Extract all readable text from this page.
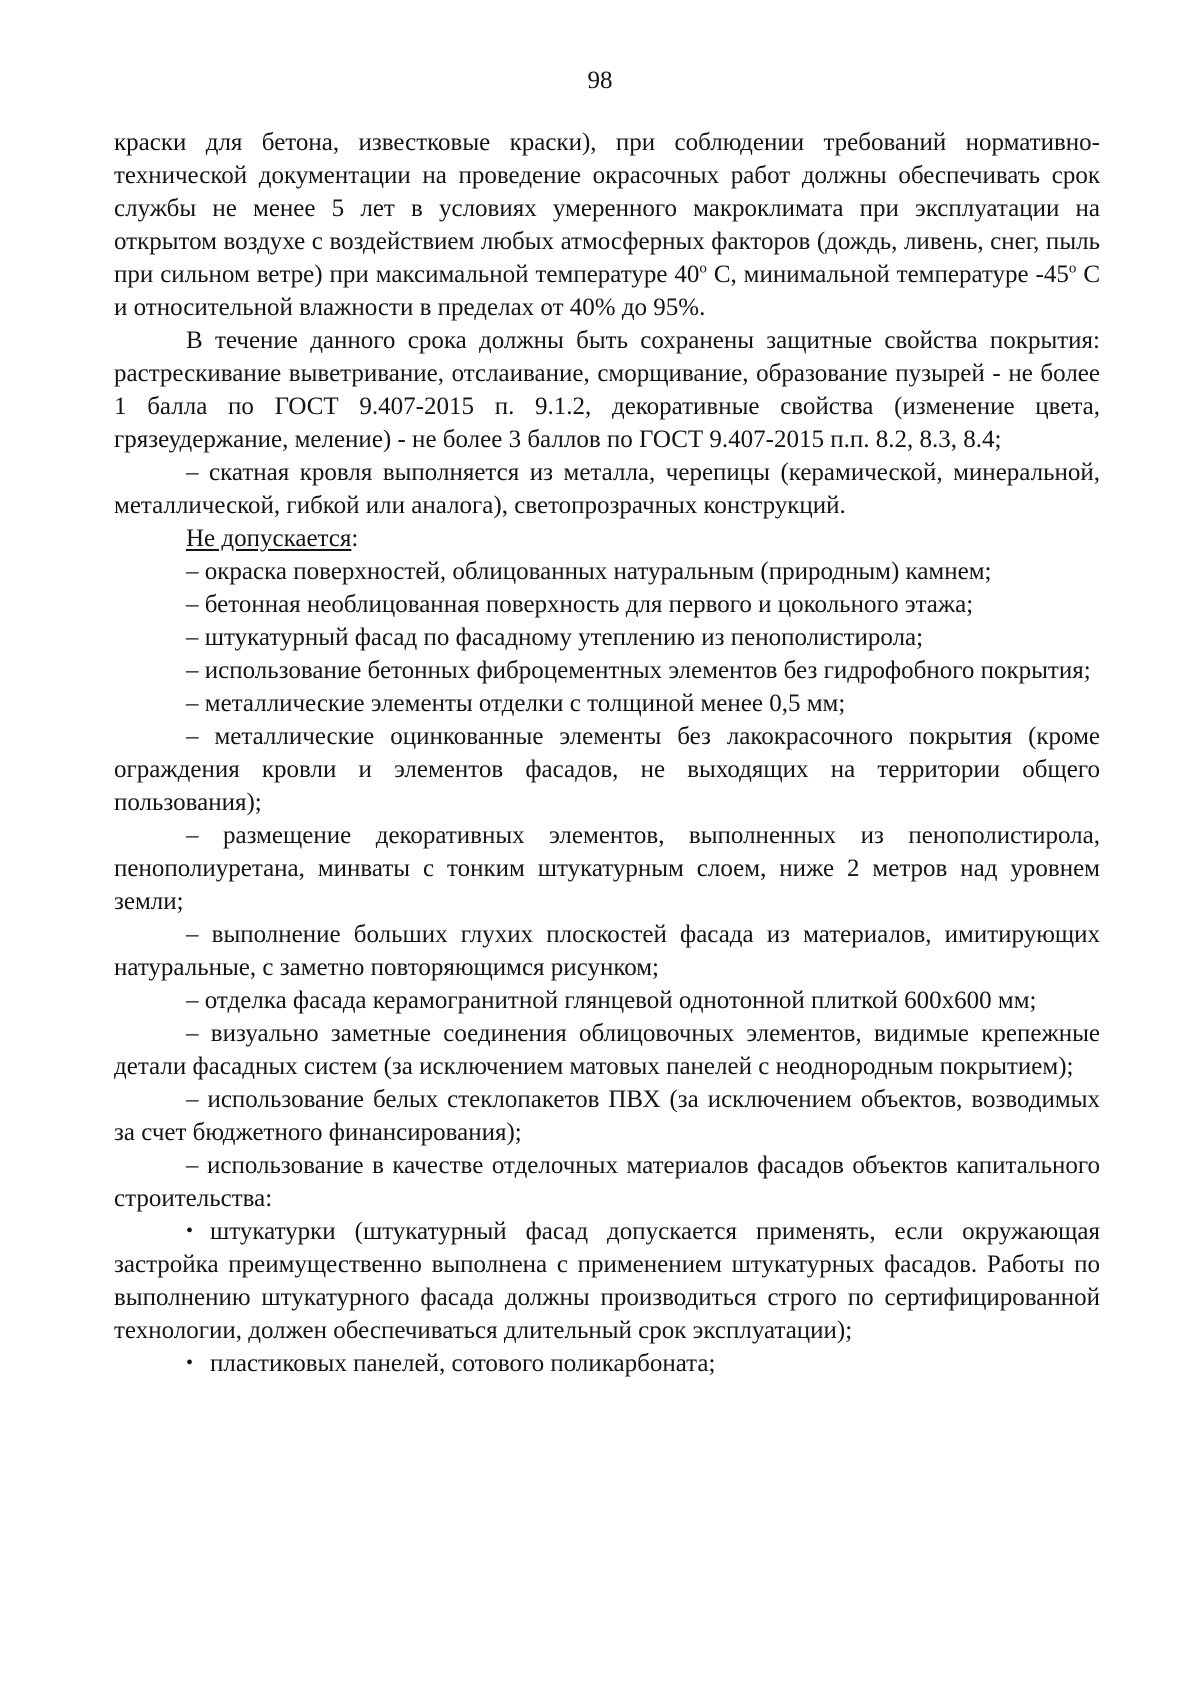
98

краски для бетона, известковые краски), при соблюдении требований нормативно-технической документации на проведение окрасочных работ должны обеспечивать срок службы не менее 5 лет в условиях умеренного макроклимата при эксплуатации на открытом воздухе с воздействием любых атмосферных факторов (дождь, ливень, снег, пыль при сильном ветре) при максимальной температуре $40^о$ С, минимальной температуре $-45^о$ С и относительной влажности в пределах от 40% до 95%.

В течение данного срока должны быть сохранены защитные свойства покрытия: растрескивание выветривание, отслаивание, сморщивание, образование пузырей - не более 1 балла по ГОСТ 9.407-2015 п. 9.1.2, декоративные свойства (изменение цвета, грязеудержание, меление) - не более 3 баллов по ГОСТ 9.407-2015 п.п. 8.2, 8.3, 8.4;

– скатная кровля выполняется из металла, черепицы (керамической, минеральной, металлической, гибкой или аналога), светопрозрачных конструкций.

Не допускается:

– окраска поверхностей, облицованных натуральным (природным) камнем;

– бетонная необлицованная поверхность для первого и цокольного этажа;

– штукатурный фасад по фасадному утеплению из пенополистирола;

– использование бетонных фиброцементных элементов без гидрофобного покрытия;

– металлические элементы отделки с толщиной менее 0,5 мм;

– металлические оцинкованные элементы без лакокрасочного покрытия (кроме ограждения кровли и элементов фасадов, не выходящих на территории общего пользования);

– размещение декоративных элементов, выполненных из пенополистирола, пенополиуретана, минваты с тонким штукатурным слоем, ниже 2 метров над уровнем земли;

– выполнение больших глухих плоскостей фасада из материалов, имитирующих натуральные, с заметно повторяющимся рисунком;

– отделка фасада керамогранитной глянцевой однотонной плиткой 600х600 мм;

– визуально заметные соединения облицовочных элементов, видимые крепежные детали фасадных систем (за исключением матовых панелей с неоднородным покрытием);

– использование белых стеклопакетов ПВХ (за исключением объектов, возводимых за счет бюджетного финансирования);

– использование в качестве отделочных материалов фасадов объектов капитального строительства:

• штукатурки (штукатурный фасад допускается применять, если окружающая застройка преимущественно выполнена с применением штукатурных фасадов. Работы по выполнению штукатурного фасада должны производиться строго по сертифицированной технологии, должен обеспечиваться длительный срок эксплуатации);

• пластиковых панелей, сотового поликарбоната;
